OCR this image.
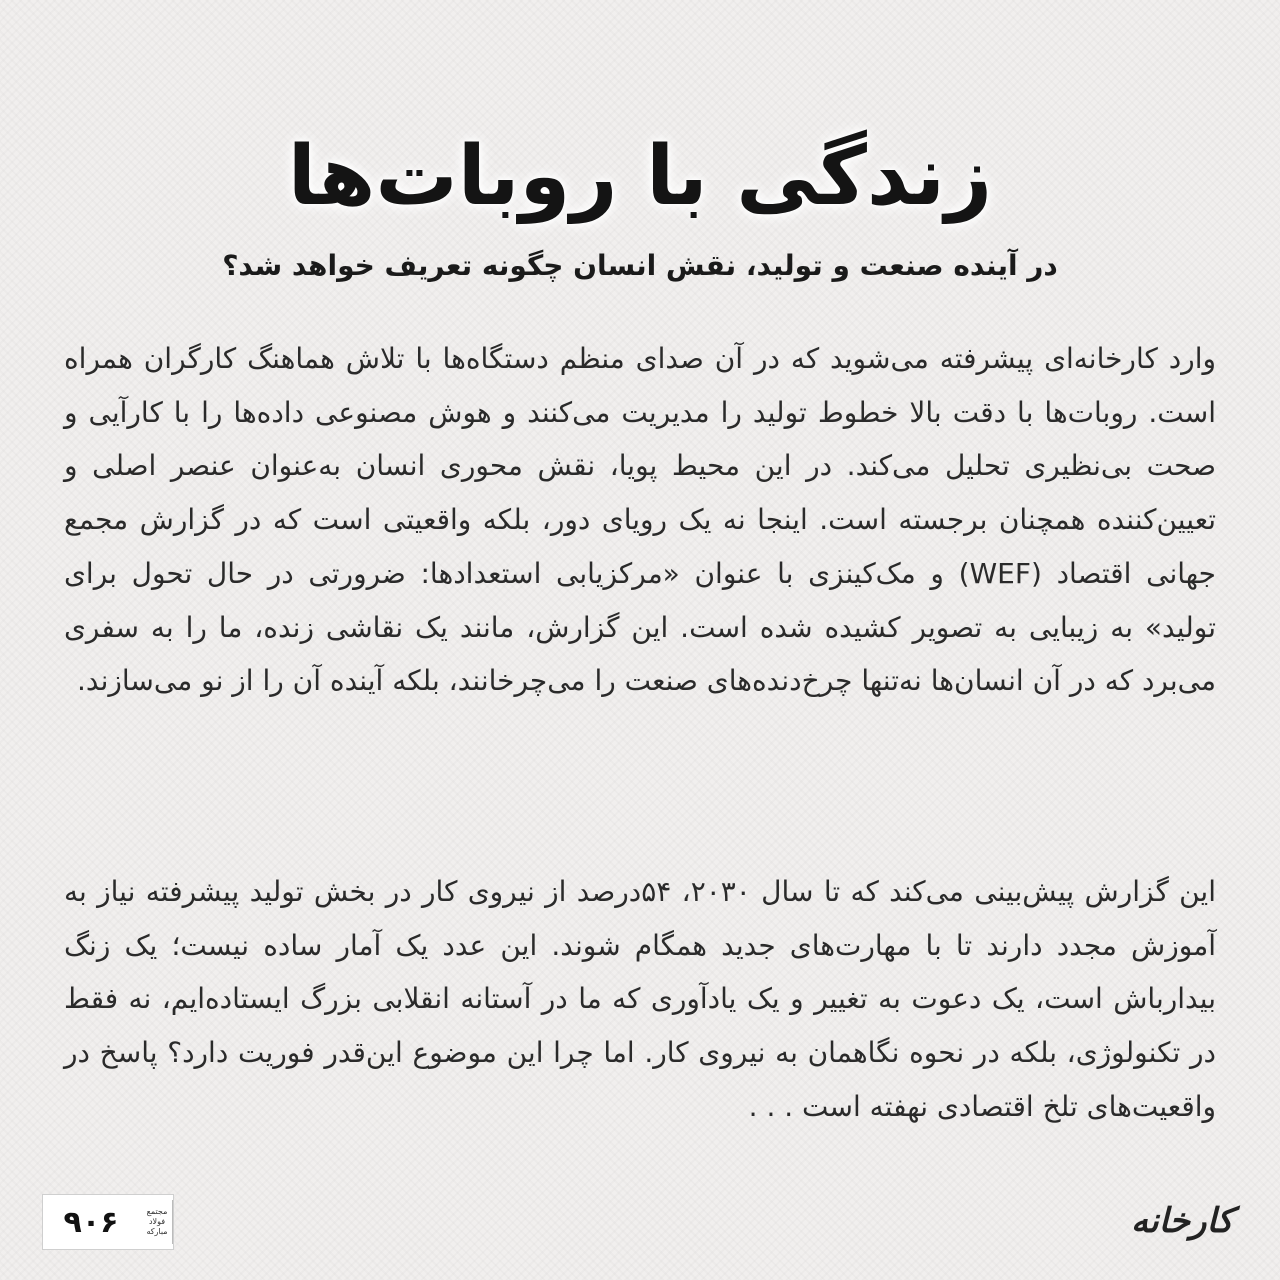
زندگی با روبات‌ها
در آینده صنعت و تولید، نقش انسان چگونه تعریف خواهد شد؟

وارد کارخانه‌ای پیشرفته می‌شوید که در آن صدای منظم دستگاه‌ها با تلاش هماهنگ کارگران همراه است. روبات‌ها با دقت بالا خطوط تولید را مدیریت می‌کنند و هوش مصنوعی داده‌ها را با کارآیی و صحت بی‌نظیری تحلیل می‌کند. در این محیط پویا، نقش محوری انسان به‌عنوان عنصر اصلی و تعیین‌کننده همچنان برجسته است. اینجا نه یک رویای دور، بلکه واقعیتی است که در گزارش مجمع جهانی اقتصاد (WEF) و مک‌کینزی با عنوان «مرکزیابی استعدادها: ضرورتی در حال تحول برای تولید» به زیبایی به تصویر کشیده شده است. این گزارش، مانند یک نقاشی زنده، ما را به سفری می‌برد که در آن انسان‌ها نه‌تنها چرخ‌دنده‌های صنعت را می‌چرخانند، بلکه آینده آن را از نو می‌سازند.

این گزارش پیش‌بینی می‌کند که تا سال ۲۰۳۰، ۵۴درصد از نیروی کار در بخش تولید پیشرفته نیاز به آموزش مجدد دارند تا با مهارت‌های جدید همگام شوند. این عدد یک آمار ساده نیست؛ یک زنگ بیدارباش است، یک دعوت به تغییر و یک یادآوری که ما در آستانه انقلابی بزرگ ایستاده‌ایم، نه فقط در تکنولوژی، بلکه در نحوه نگاهمان به نیروی کار. اما چرا این موضوع این‌قدر فوریت دارد؟ پاسخ در واقعیت‌های تلخ اقتصادی نهفته است . . .

۹۰۶	مجتمع
فولاد
مبارکه	کارخانه
